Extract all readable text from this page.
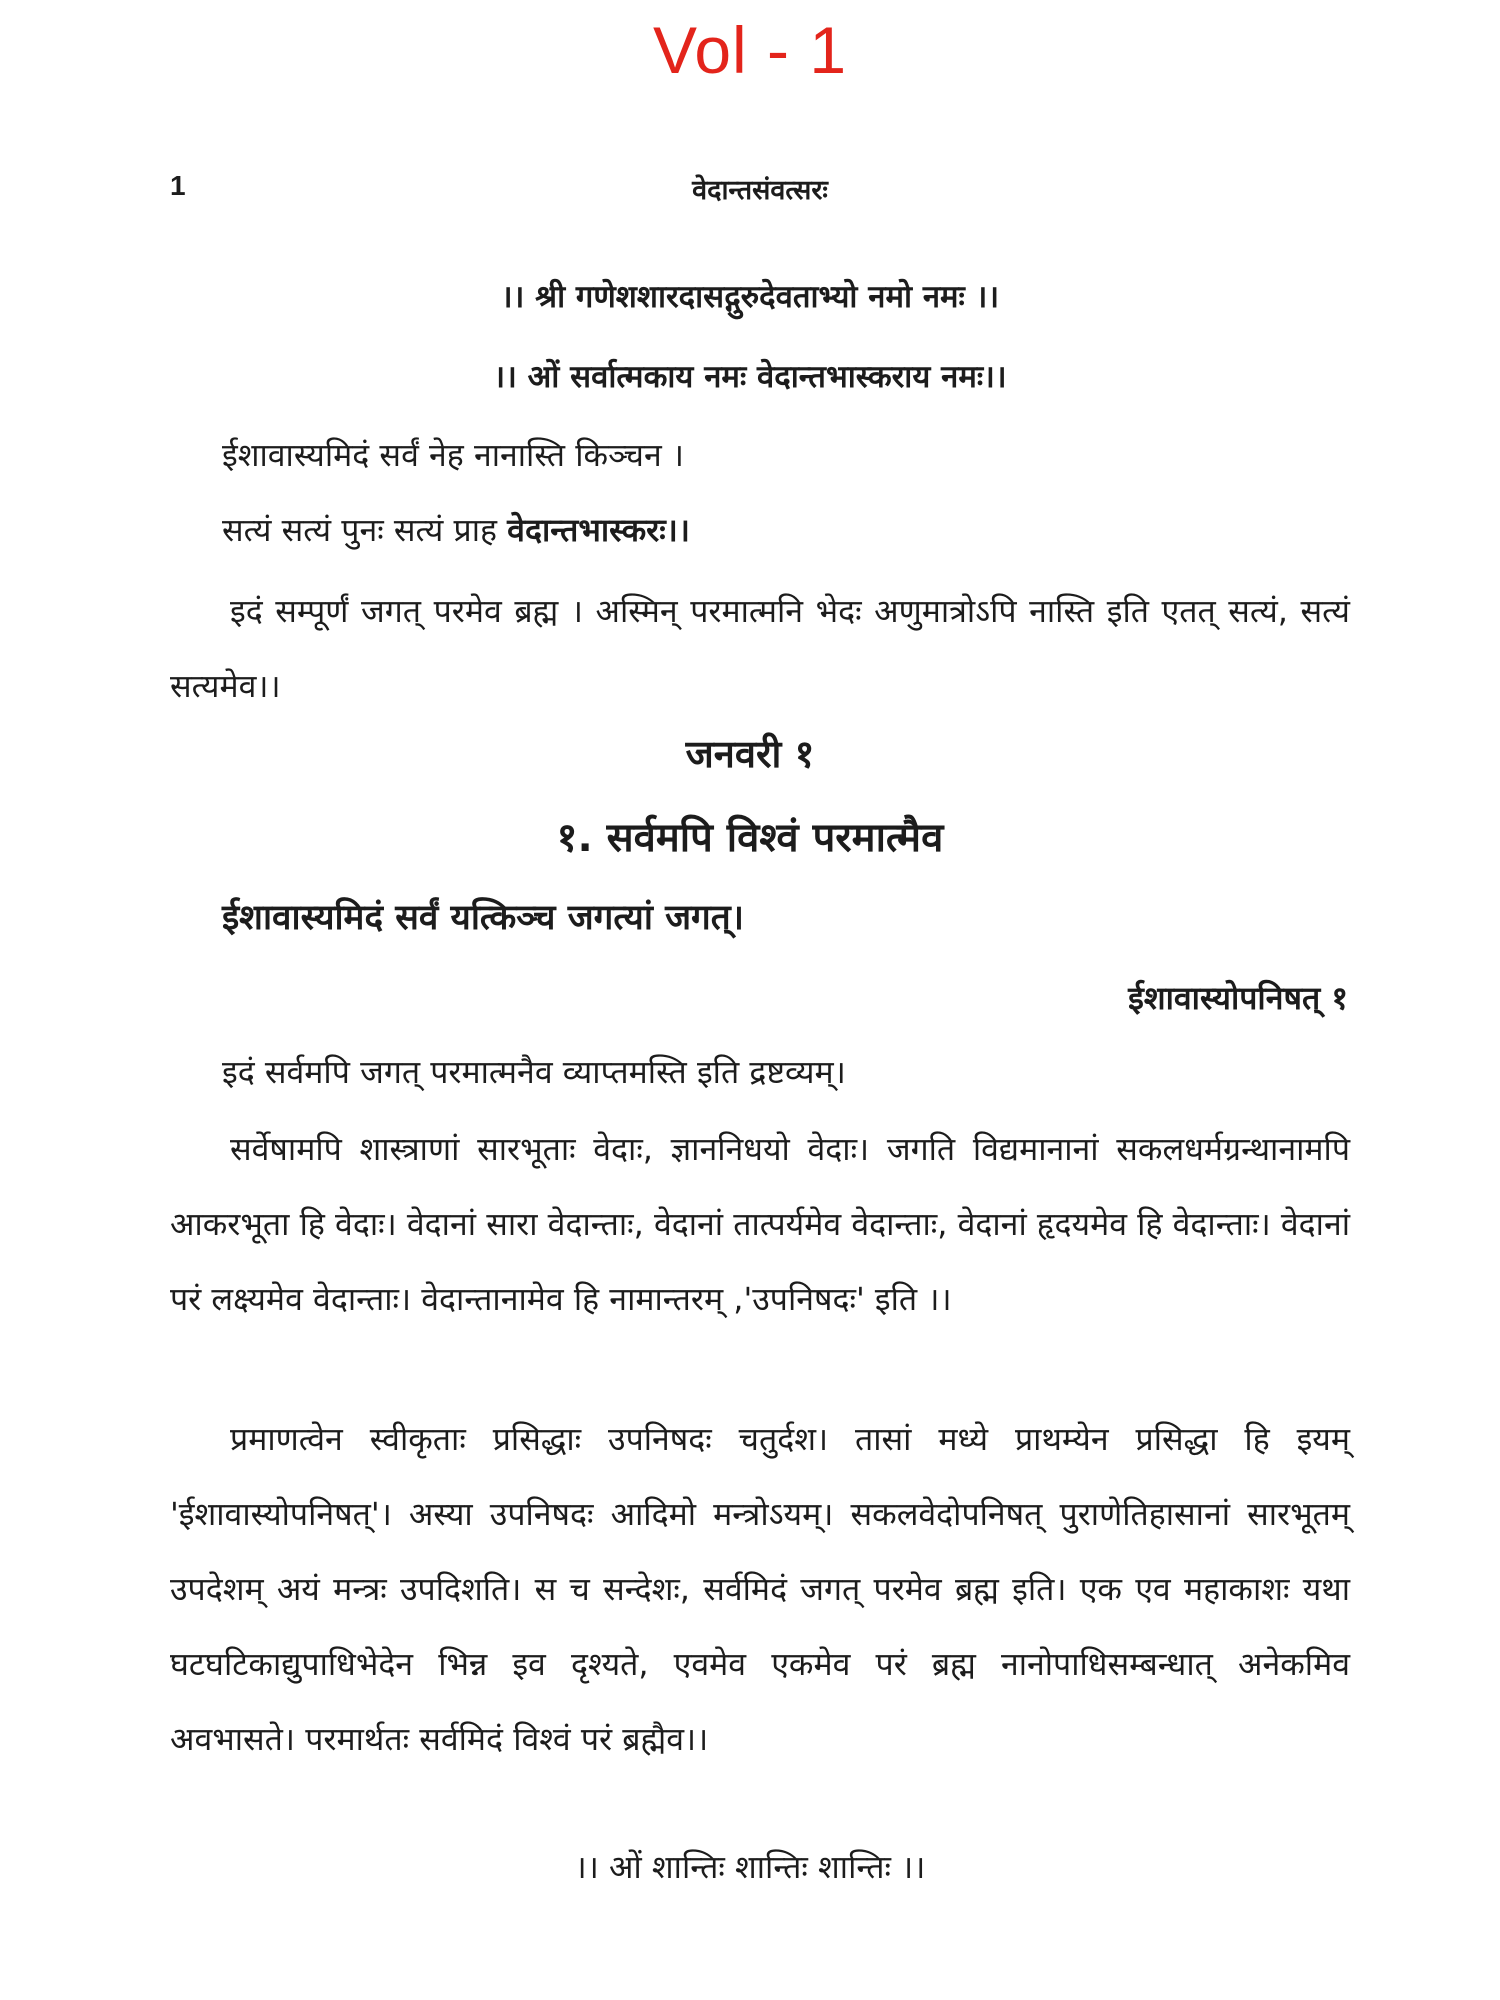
Vol - 1
1	वेदान्तसंवत्सरः
।। श्री गणेशशारदासद्गुरुदेवताभ्यो नमो नमः ।।
।। ओं सर्वात्मकाय नमः वेदान्तभास्कराय नमः।।
ईशावास्यमिदं सर्वं नेह नानास्ति किञ्चन ।
सत्यं सत्यं पुनः सत्यं प्राह वेदान्तभास्करः।।

इदं सम्पूर्णं जगत् परमेव ब्रह्म । अस्मिन् परमात्मनि भेदः अणुमात्रोऽपि नास्ति इति एतत् सत्यं, सत्यं सत्यमेव।।

जनवरी १
१. सर्वमपि विश्वं परमात्मैव
ईशावास्यमिदं सर्वं यत्किञ्च जगत्यां जगत्।
ईशावास्योपनिषत् १
इदं सर्वमपि जगत् परमात्मनैव व्याप्तमस्ति इति द्रष्टव्यम्।

सर्वेषामपि शास्त्राणां सारभूताः वेदाः, ज्ञाननिधयो वेदाः। जगति विद्यमानानां सकलधर्मग्रन्थानामपि आकरभूता हि वेदाः। वेदानां सारा वेदान्ताः, वेदानां तात्पर्यमेव वेदान्ताः, वेदानां हृदयमेव हि वेदान्ताः। वेदानां परं लक्ष्यमेव वेदान्ताः। वेदान्तानामेव हि नामान्तरम् ,'उपनिषदः' इति ।।

प्रमाणत्वेन स्वीकृताः प्रसिद्धाः उपनिषदः चतुर्दश। तासां मध्ये प्राथम्येन प्रसिद्धा हि इयम् 'ईशावास्योपनिषत्'। अस्या उपनिषदः आदिमो मन्त्रोऽयम्। सकलवेदोपनिषत् पुराणेतिहासानां सारभूतम् उपदेशम् अयं मन्त्रः उपदिशति। स च सन्देशः, सर्वमिदं जगत् परमेव ब्रह्म इति। एक एव महाकाशः यथा घटघटिकाद्युपाधिभेदेन भिन्न इव दृश्यते, एवमेव एकमेव परं ब्रह्म नानोपाधिसम्बन्धात् अनेकमिव अवभासते। परमार्थतः सर्वमिदं विश्वं परं ब्रह्मैव।।

।। ओं शान्तिः शान्तिः शान्तिः ।।
